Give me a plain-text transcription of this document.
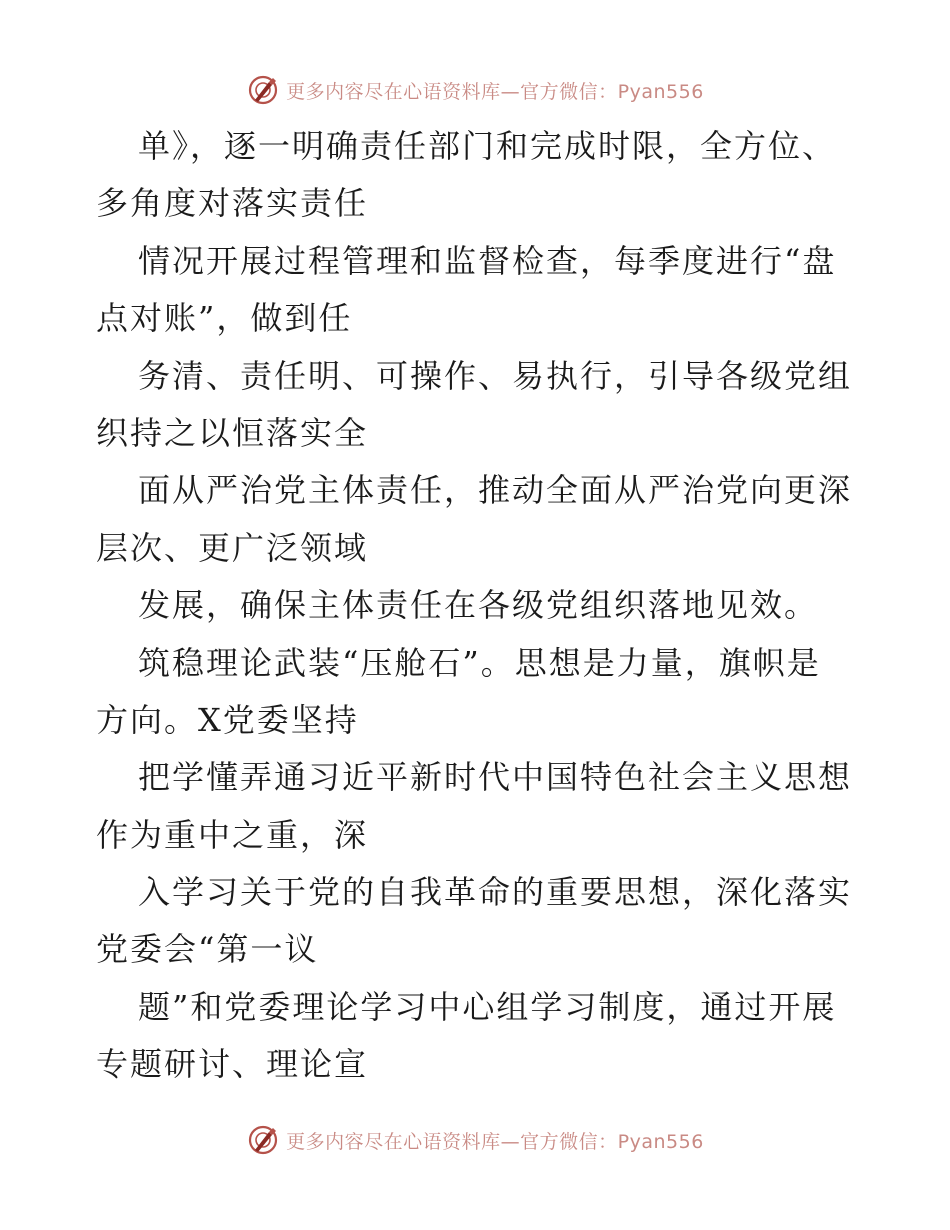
更多内容尽在心语资料库—官方微信：Pyan556
单》，逐一明确责任部门和完成时限，全方位、
多角度对落实责任
情况开展过程管理和监督检查，每季度进行“盘
点对账”，做到任
务清、责任明、可操作、易执行，引导各级党组
织持之以恒落实全
面从严治党主体责任，推动全面从严治党向更深
层次、更广泛领域
发展，确保主体责任在各级党组织落地见效。
筑稳理论武装“压舱石”。思想是力量，旗帜是
方向。X党委坚持
把学懂弄通习近平新时代中国特色社会主义思想
作为重中之重，深
入学习关于党的自我革命的重要思想，深化落实
党委会“第一议
题”和党委理论学习中心组学习制度，通过开展
专题研讨、理论宣
更多内容尽在心语资料库—官方微信：Pyan556
